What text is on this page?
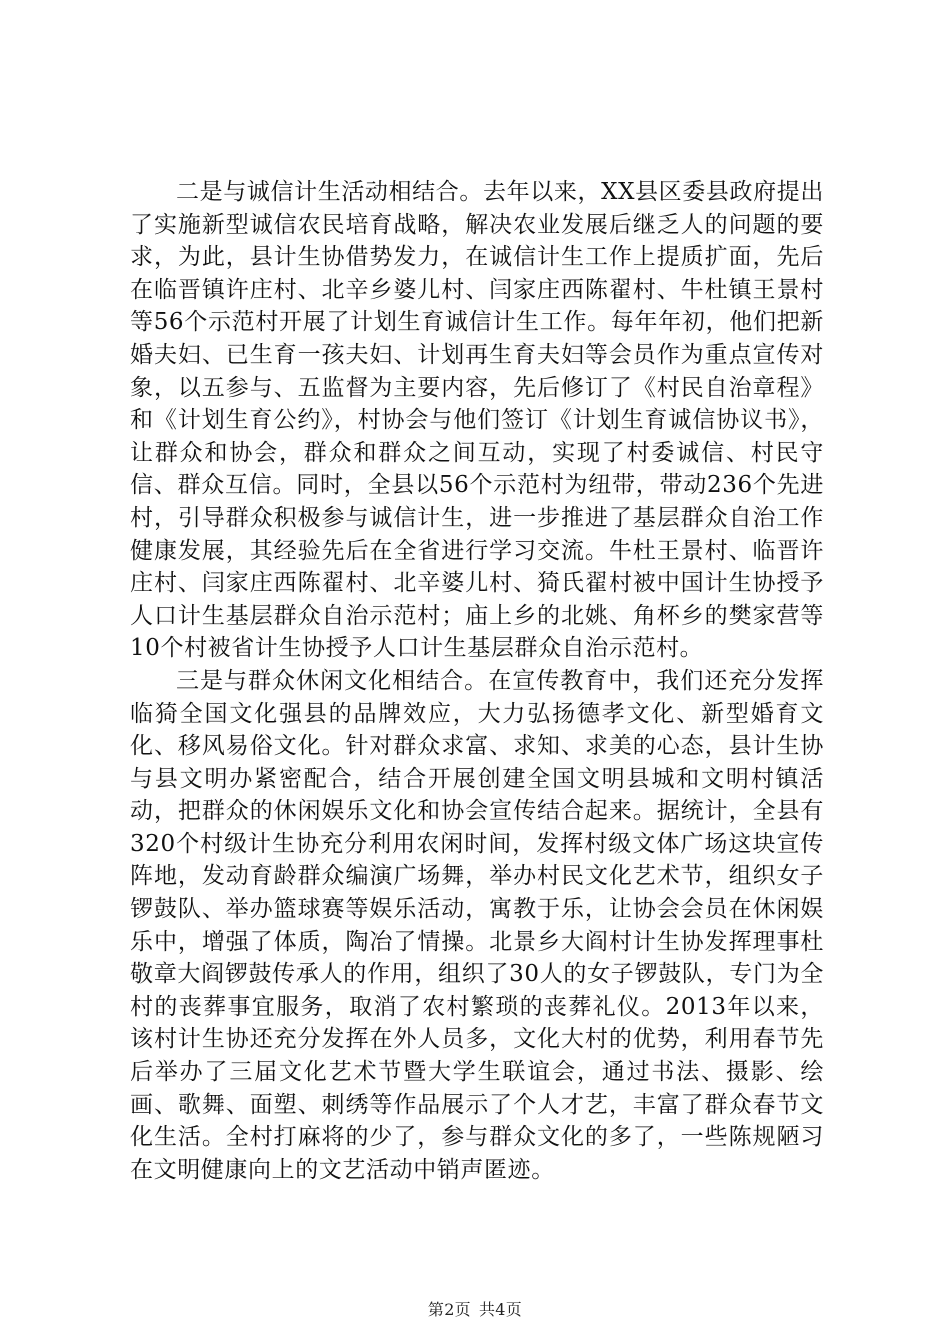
二是与诚信计生活动相结合。去年以来，XX县区委县政府提出了实施新型诚信农民培育战略，解决农业发展后继乏人的问题的要求，为此，县计生协借势发力，在诚信计生工作上提质扩面，先后在临晋镇许庄村、北辛乡婆儿村、闫家庄西陈翟村、牛杜镇王景村等56个示范村开展了计划生育诚信计生工作。每年年初，他们把新婚夫妇、已生育一孩夫妇、计划再生育夫妇等会员作为重点宣传对象，以五参与、五监督为主要内容，先后修订了《村民自治章程》和《计划生育公约》，村协会与他们签订《计划生育诚信协议书》，让群众和协会，群众和群众之间互动，实现了村委诚信、村民守信、群众互信。同时，全县以56个示范村为纽带，带动236个先进村，引导群众积极参与诚信计生，进一步推进了基层群众自治工作健康发展，其经验先后在全省进行学习交流。牛杜王景村、临晋许庄村、闫家庄西陈翟村、北辛婆儿村、猗氏翟村被中国计生协授予人口计生基层群众自治示范村；庙上乡的北姚、角杯乡的樊家营等10个村被省计生协授予人口计生基层群众自治示范村。

三是与群众休闲文化相结合。在宣传教育中，我们还充分发挥临猗全国文化强县的品牌效应，大力弘扬德孝文化、新型婚育文化、移风易俗文化。针对群众求富、求知、求美的心态，县计生协与县文明办紧密配合，结合开展创建全国文明县城和文明村镇活动，把群众的休闲娱乐文化和协会宣传结合起来。据统计，全县有320个村级计生协充分利用农闲时间，发挥村级文体广场这块宣传阵地，发动育龄群众编演广场舞，举办村民文化艺术节，组织女子锣鼓队、举办篮球赛等娱乐活动，寓教于乐，让协会会员在休闲娱乐中，增强了体质，陶冶了情操。北景乡大阎村计生协发挥理事杜敬章大阎锣鼓传承人的作用，组织了30人的女子锣鼓队，专门为全村的丧葬事宜服务，取消了农村繁琐的丧葬礼仪。2013年以来，该村计生协还充分发挥在外人员多，文化大村的优势，利用春节先后举办了三届文化艺术节暨大学生联谊会，通过书法、摄影、绘画、歌舞、面塑、刺绣等作品展示了个人才艺，丰富了群众春节文化生活。全村打麻将的少了，参与群众文化的多了，一些陈规陋习在文明健康向上的文艺活动中销声匿迹。

第2页 共4页
